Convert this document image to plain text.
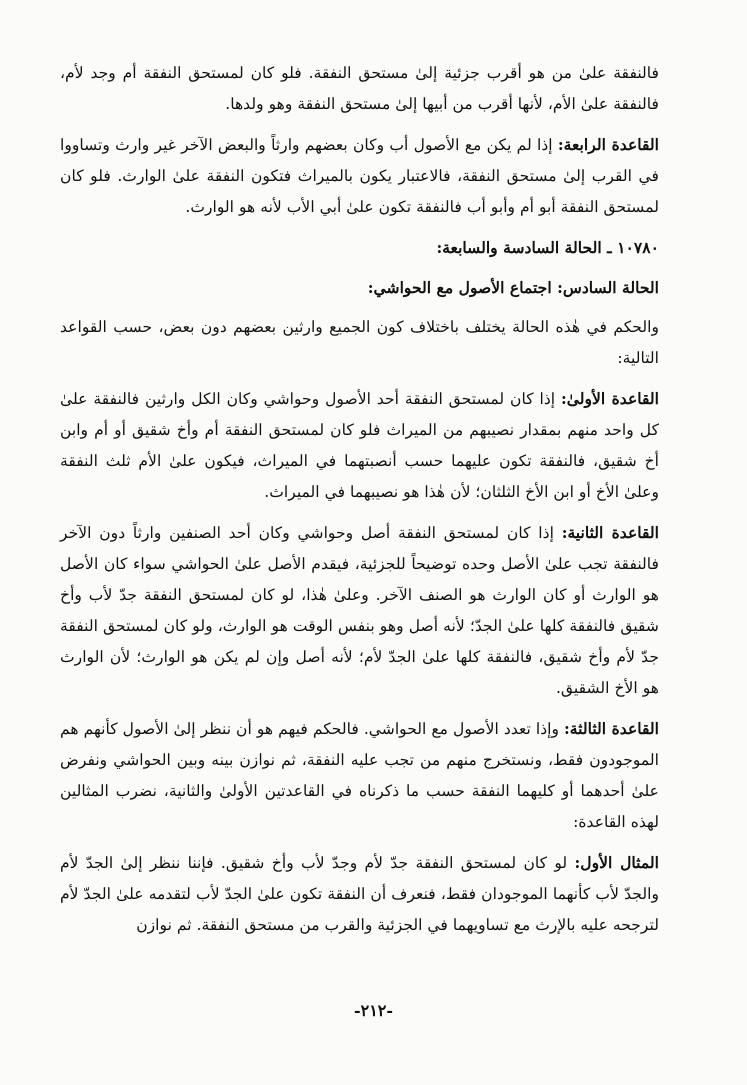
فالنفقة علىٰ من هو أقرب جزئية إلىٰ مستحق النفقة. فلو كان لمستحق النفقة أم وجد لأم، فالنفقة علىٰ الأم، لأنها أقرب من أبيها إلىٰ مستحق النفقة وهو ولدها.

القاعدة الرابعة: إذا لم يكن مع الأصول أب وكان بعضهم وارثاً والبعض الآخر غير وارث وتساووا في القرب إلىٰ مستحق النفقة، فالاعتبار يكون بالميراث فتكون النفقة علىٰ الوارث. فلو كان لمستحق النفقة أبو أم وأبو أب فالنفقة تكون علىٰ أبي الأب لأنه هو الوارث.

١٠٧٨٠ ـ الحالة السادسة والسابعة:

الحالة السادس: اجتماع الأصول مع الحواشي:

والحكم في هٰذه الحالة يختلف باختلاف كون الجميع وارثين بعضهم دون بعض، حسب القواعد التالية:

القاعدة الأولىٰ: إذا كان لمستحق النفقة أحد الأصول وحواشي وكان الكل وارثين فالنفقة علىٰ كل واحد منهم بمقدار نصيبهم من الميراث فلو كان لمستحق النفقة أم وأخ شقيق أو أم وابن أخ شقيق، فالنفقة تكون عليهما حسب أنصبتهما في الميراث، فيكون علىٰ الأم ثلث النفقة وعلىٰ الأخ أو ابن الأخ الثلثان؛ لأن هٰذا هو نصيبهما في الميراث.

القاعدة الثانية: إذا كان لمستحق النفقة أصل وحواشي وكان أحد الصنفين وارثاً دون الآخر فالنفقة تجب علىٰ الأصل وحده توضيحاً للجزئية، فيقدم الأصل علىٰ الحواشي سواء كان الأصل هو الوارث أو كان الوارث هو الصنف الآخر. وعلىٰ هٰذا، لو كان لمستحق النفقة جدّ لأب وأخ شقيق فالنفقة كلها علىٰ الجدّ؛ لأنه أصل وهو بنفس الوقت هو الوارث، ولو كان لمستحق النفقة جدّ لأم وأخ شقيق، فالنفقة كلها علىٰ الجدّ لأم؛ لأنه أصل وإن لم يكن هو الوارث؛ لأن الوارث هو الأخ الشقيق.

القاعدة الثالثة: وإذا تعدد الأصول مع الحواشي. فالحكم فيهم هو أن ننظر إلىٰ الأصول كأنهم هم الموجودون فقط، ونستخرج منهم من تجب عليه النفقة، ثم نوازن بينه وبين الحواشي ونفرض علىٰ أحدهما أو كليهما النفقة حسب ما ذكرناه في القاعدتين الأولىٰ والثانية، نضرب المثالين لهذه القاعدة:

المثال الأول: لو كان لمستحق النفقة جدّ لأم وجدّ لأب وأخ شقيق. فإننا ننظر إلىٰ الجدّ لأم والجدّ لأب كأنهما الموجودان فقط، فنعرف أن النفقة تكون علىٰ الجدّ لأب لتقدمه علىٰ الجدّ لأم لترجحه عليه بالإرث مع تساويهما في الجزئية والقرب من مستحق النفقة. ثم نوازن

-٢١٢-
